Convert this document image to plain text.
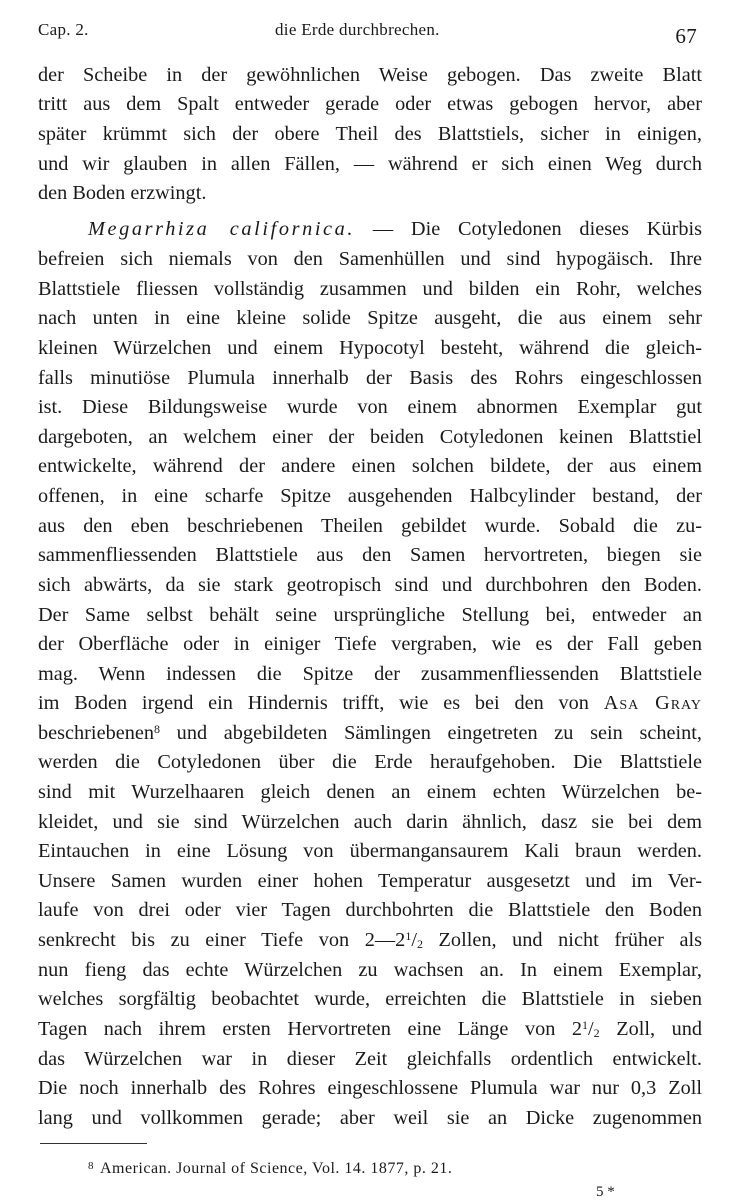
Cap. 2.	die Erde durchbrechen.	67
der Scheibe in der gewöhnlichen Weise gebogen. Das zweite Blatt
tritt aus dem Spalt entweder gerade oder etwas gebogen hervor, aber
später krümmt sich der obere Theil des Blattstiels, sicher in einigen,
und wir glauben in allen Fällen, — während er sich einen Weg durch
den Boden erzwingt.
Megarrhiza californica. — Die Cotyledonen dieses Kürbis
befreien sich niemals von den Samenhüllen und sind hypogäisch. Ihre
Blattstiele fliessen vollständig zusammen und bilden ein Rohr, welches
nach unten in eine kleine solide Spitze ausgeht, die aus einem sehr
kleinen Würzelchen und einem Hypocotyl besteht, während die gleich-
falls minutiöse Plumula innerhalb der Basis des Rohrs eingeschlossen
ist. Diese Bildungsweise wurde von einem abnormen Exemplar gut
dargeboten, an welchem einer der beiden Cotyledonen keinen Blattstiel
entwickelte, während der andere einen solchen bildete, der aus einem
offenen, in eine scharfe Spitze ausgehenden Halbcylinder bestand, der
aus den eben beschriebenen Theilen gebildet wurde. Sobald die zu-
sammenfliessenden Blattstiele aus den Samen hervortreten, biegen sie
sich abwärts, da sie stark geotropisch sind und durchbohren den Boden.
Der Same selbst behält seine ursprüngliche Stellung bei, entweder an
der Oberfläche oder in einiger Tiefe vergraben, wie es der Fall geben
mag. Wenn indessen die Spitze der zusammenfliessenden Blattstiele
im Boden irgend ein Hindernis trifft, wie es bei den von Asa Gray
beschriebenen$^8$ und abgebildeten Sämlingen eingetreten zu sein scheint,
werden die Cotyledonen über die Erde heraufgehoben. Die Blattstiele
sind mit Wurzelhaaren gleich denen an einem echten Würzelchen be-
kleidet, und sie sind Würzelchen auch darin ähnlich, dasz sie bei dem
Eintauchen in eine Lösung von übermangansaurem Kali braun werden.
Unsere Samen wurden einer hohen Temperatur ausgesetzt und im Ver-
laufe von drei oder vier Tagen durchbohrten die Blattstiele den Boden
senkrecht bis zu einer Tiefe von $2—2^1/_2$ Zollen, und nicht früher als
nun fieng das echte Würzelchen zu wachsen an. In einem Exemplar,
welches sorgfältig beobachtet wurde, erreichten die Blattstiele in sieben
Tagen nach ihrem ersten Hervortreten eine Länge von $2^1/_2$ Zoll, und
das Würzelchen war in dieser Zeit gleichfalls ordentlich entwickelt.
Die noch innerhalb des Rohres eingeschlossene Plumula war nur 0,3 Zoll
lang und vollkommen gerade; aber weil sie an Dicke zugenommen
$^8$ American. Journal of Science, Vol. 14. 1877, p. 21.
5 *
